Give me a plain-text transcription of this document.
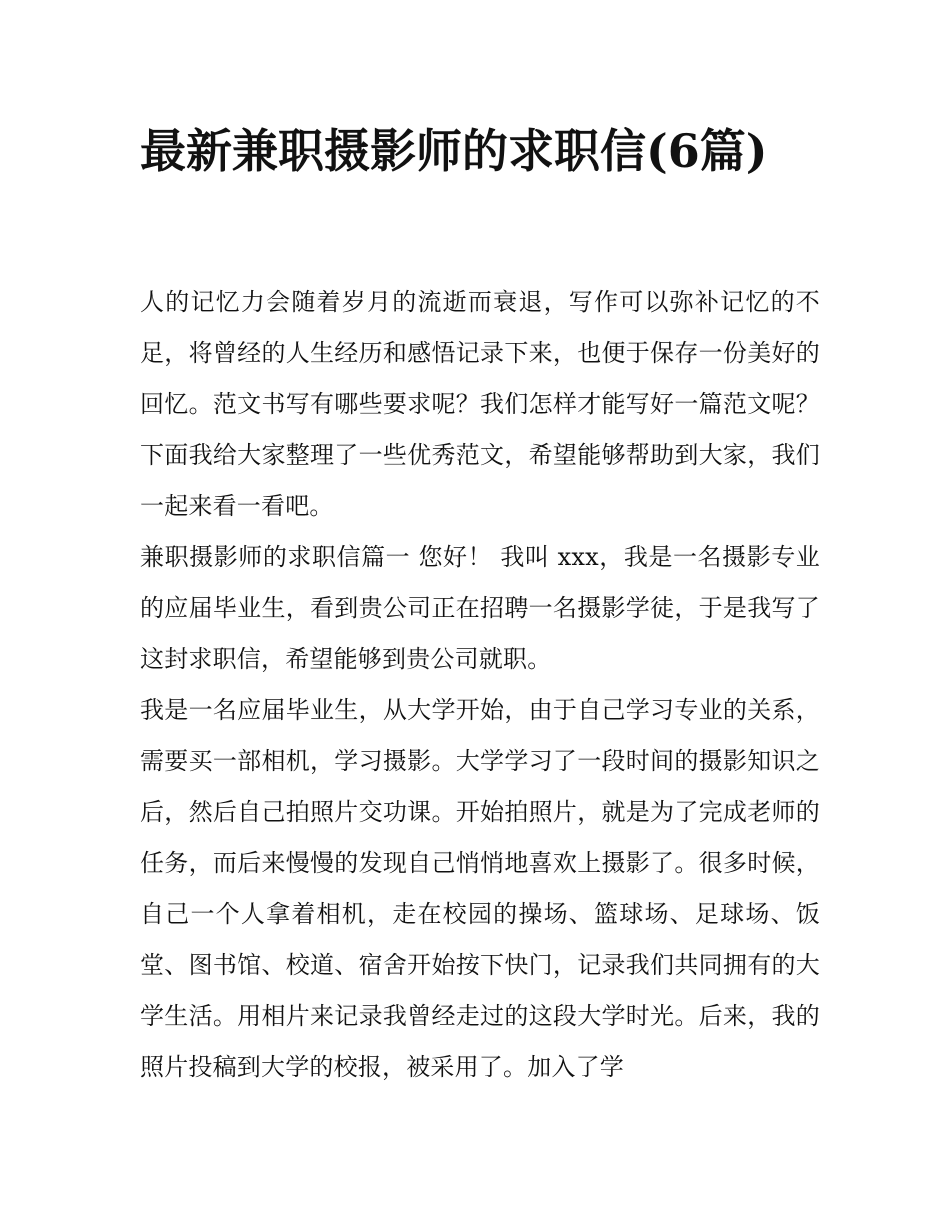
最新兼职摄影师的求职信(6篇)

人的记忆力会随着岁月的流逝而衰退，写作可以弥补记忆的不足，将曾经的人生经历和感悟记录下来，也便于保存一份美好的回忆。范文书写有哪些要求呢？我们怎样才能写好一篇范文呢？下面我给大家整理了一些优秀范文，希望能够帮助到大家，我们一起来看一看吧。

兼职摄影师的求职信篇一 您好！ 我叫 xxx，我是一名摄影专业的应届毕业生，看到贵公司正在招聘一名摄影学徒，于是我写了这封求职信，希望能够到贵公司就职。

我是一名应届毕业生，从大学开始，由于自己学习专业的关系，需要买一部相机，学习摄影。大学学习了一段时间的摄影知识之后，然后自己拍照片交功课。开始拍照片，就是为了完成老师的任务，而后来慢慢的发现自己悄悄地喜欢上摄影了。很多时候，自己一个人拿着相机，走在校园的操场、篮球场、足球场、饭堂、图书馆、校道、宿舍开始按下快门，记录我们共同拥有的大学生活。用相片来记录我曾经走过的这段大学时光。后来，我的照片投稿到大学的校报，被采用了。加入了学
